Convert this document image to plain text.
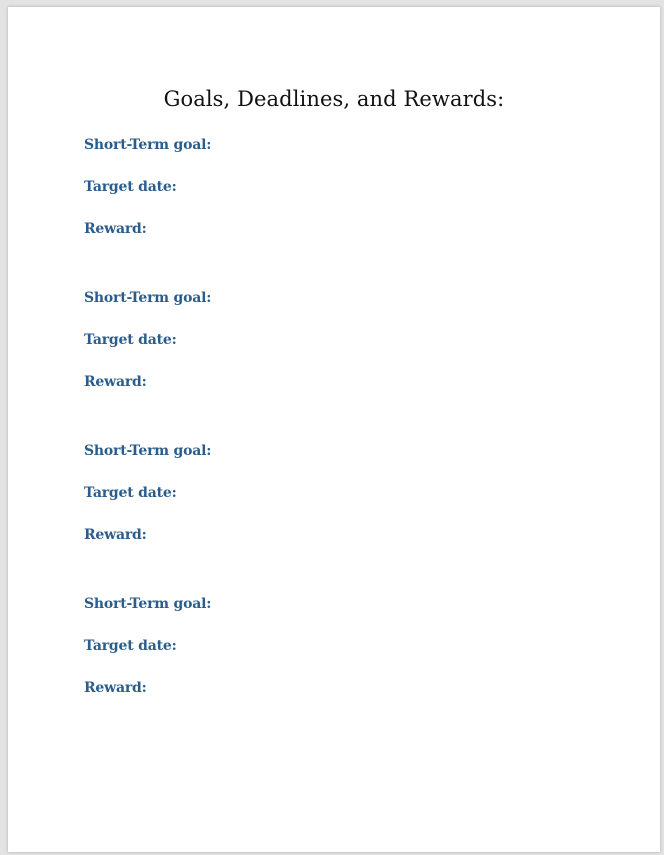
Goals, Deadlines, and Rewards:
Short-Term goal:
Target date:
Reward:
Short-Term goal:
Target date:
Reward:
Short-Term goal:
Target date:
Reward:
Short-Term goal:
Target date:
Reward:
